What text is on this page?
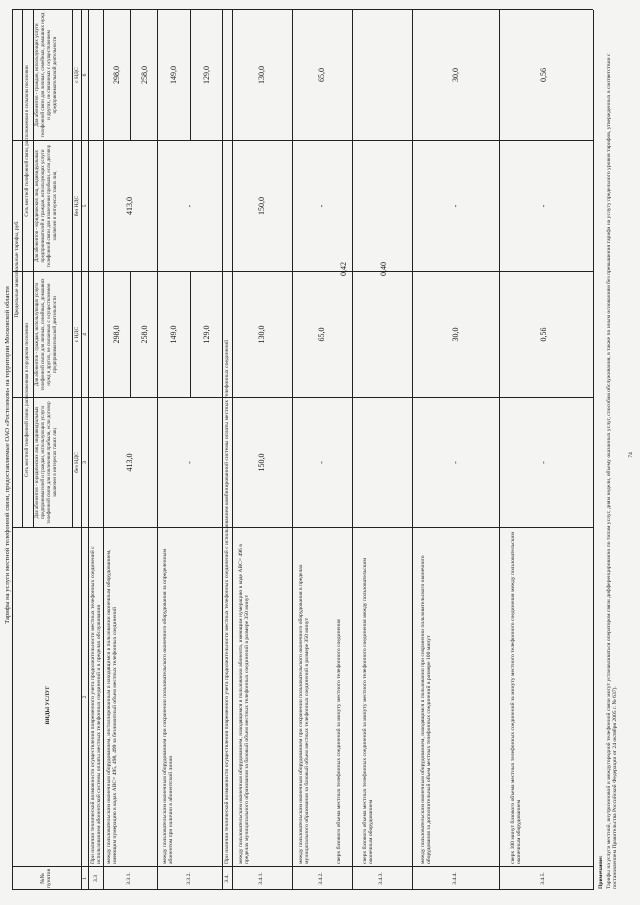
Тарифы на услуги местной телефонной связи, предоставляемые ОАО «Ростелеком» на территории Московской области
№№ пунктов
ВИДЫ УСЛУГ
Предельные максимальные тарифы, руб.
Сеть местной телефонной связи, расположенная в городском поселении
Сеть местной телефонной связи, расположенная в сельском поселении
Для абонентов - юридических лиц, индивидуальных предпринимателей и граждан, использующих услуги телефонной связи для извлечения прибыли, если договор заключен в интересах таких лиц
Для абонентов - граждан, использующих услуги телефонной связи для личных, семейных, домашних нужд и других, не связанных с осуществлением предпринимательской деятельности
Для абонентов - юридических лиц, индивидуальных предпринимателей и граждан, использующих услуги телефонной связи для извлечения прибыли, если договор заключен в интересах таких лиц
Для абонентов - граждан, использующих услуги телефонной связи для личных, семейных, домашних нужд и других, не связанных с осуществлением предпринимательской деятельности
без НДС
с НДС
без НДС
с НДС
1
2
3
4
5
6
3.3
При наличии технической возможности осуществления повременного учета продолжительности местных телефонных соединений с использованием абонентской системы оплаты местных телефонных соединений и в пределах обслуживания
3.3.1.
между пользовательским оконечным оборудованием, инсталлированным и находящимся в пользовании оконечным оборудованием, имеющим нумерацию в кодах АВС= 495, 498, 499 за безлимитный объем местных телефонных соединений
413,0
298,0
413,0
298,0
258,0
258,0
3.3.2.
между пользовательским оконечным оборудованием при сохранении пользовательского оконечного оборудования за определенным абонентом при наличии в абонентской линии
-
149,0
-
149,0
129,0
129,0
3.4.
При наличии технической возможности осуществления повременного учета продолжительности местных телефонных соединений с использованием комбинированной системы оплаты местных телефонных соединений
3.4.1.
между пользовательским оконечным оборудованием, находящимся в пользовании абонента, имеющим нумерацию в коде АВС= 496 в пределах муниципального образования за базовый объем местных телефонных соединений в размере 350 минут
150,0
130,0
150,0
130,0
3.4.2.
между пользовательским оконечным оборудованием при сохранении пользовательского оконечного оборудования в пределах муниципального образования за базовый объем местных телефонных соединений в размере 350 минут
-
65,0
-
65,0
сверх базового объема местных телефонных соединений за минуту местного телефонного соединения
0,42
3.4.3.
сверх базового объема местных телефонных соединений за минуту местного телефонного соединения между пользовательским оконечным оборудованием
0,40
3.4.4.
между пользовательским оконечным оборудованием, находящимся в пользовании при сохранении пользовательского оконечного оборудования за дополнительный объем местных телефонных соединений в размере 100 минут
-
30,0
-
30,0
3.4.5.
сверх 100 минут базового объема местных телефонных соединений за минуту местного телефонного соединения между пользовательским оконечным оборудованием
-
0,56
-
0,56
Примечание: Тарифы на услуги местной, внутризоновой и междугородной телефонной связи могут устанавливаться оператором связи дифференцированно по типам услуг, дням недели, объему оказанных услуг, способам обслуживания, в также по иным основаниям без превышения тарифа на услугу предельного уровня тарифов, утвержденных в соответствии с постановлением Правительства Российской Федерации от 24 октября 2005 г. № 637).
74
